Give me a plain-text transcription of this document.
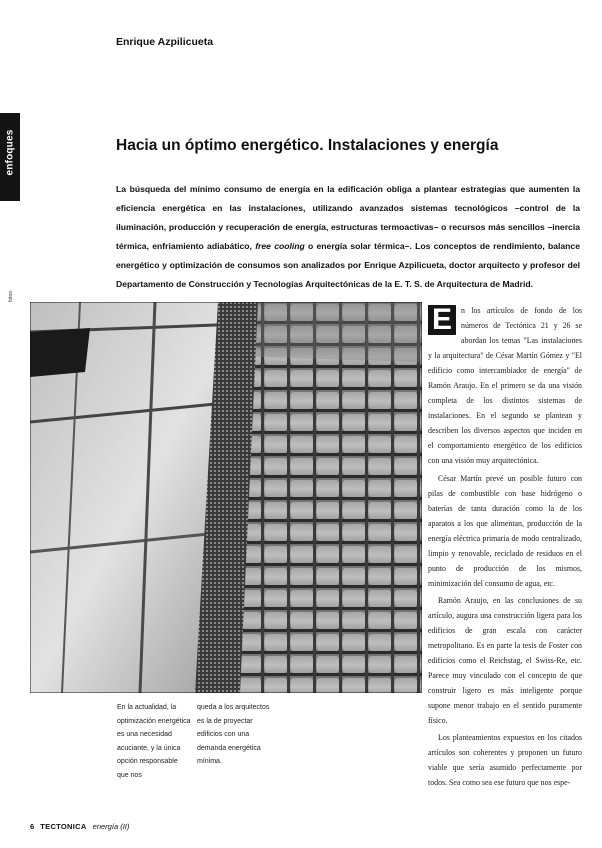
enfoques
Enrique Azpilicueta
Hacia un óptimo energético. Instalaciones y energía

La búsqueda del mínimo consumo de energía en la edificación obliga a plantear estrategias que aumenten la eficiencia energética en las instalaciones, utilizando avanzados sistemas tecnológicos –control de la iluminación, producción y recuperación de energía, estructuras termoactivas– o recursos más sencillos –inercia térmica, enfriamiento adiabático, free cooling o energía solar térmica–. Los conceptos de rendimiento, balance energético y optimización de consumos son analizados por Enrique Azpilicueta, doctor arquitecto y profesor del Departamento de Construcción y Tecnologías Arquitectónicas de la E. T. S. de Arquitectura de Madrid.

fotos:

En la actualidad, la optimización energética es una necesidad acuciante, y la única opción responsable que nos

queda a los arquitectos es la de proyectar edificios con una demanda energética mínima.

E	n los artículos de fondo de los números de Tectónica 21 y 26 se abordan los temas "Las instalaciones y la arquitectura" de César Martín Gómez y "El edificio como intercambiador de energía" de Ramón Araujo. En el primero se da una visión completa de los distintos sistemas de instalaciones. En el segundo se plantean y describen los diversos aspectos que inciden en el comportamiento energético de los edificios con una visión muy arquitectónica.

César Martín prevé un posible futuro con pilas de combustible con base hidrógeno o baterías de tanta duración como la de los aparatos a los que alimentan, producción de la energía eléctrica primaria de modo centralizado, limpio y renovable, reciclado de residuos en el punto de producción de los mismos, minimización del consumo de agua, etc.

Ramón Araujo, en las conclusiones de su artículo, augura una construcción ligera para los edificios de gran escala con carácter metropolitano. Es en parte la tesis de Foster con edificios como el Reichstag, el Swiss-Re, etc. Parece muy vinculado con el concepto de que construir ligero es más inteligente porque supone menor trabajo en el sentido puramente físico.

Los planteamientos expuestos en los citados artículos son coherentes y proponen un futuro viable que sería asumido perfectamente por todos. Sea como sea ese futuro que nos espe-

6 TECTONICA energía (II)
